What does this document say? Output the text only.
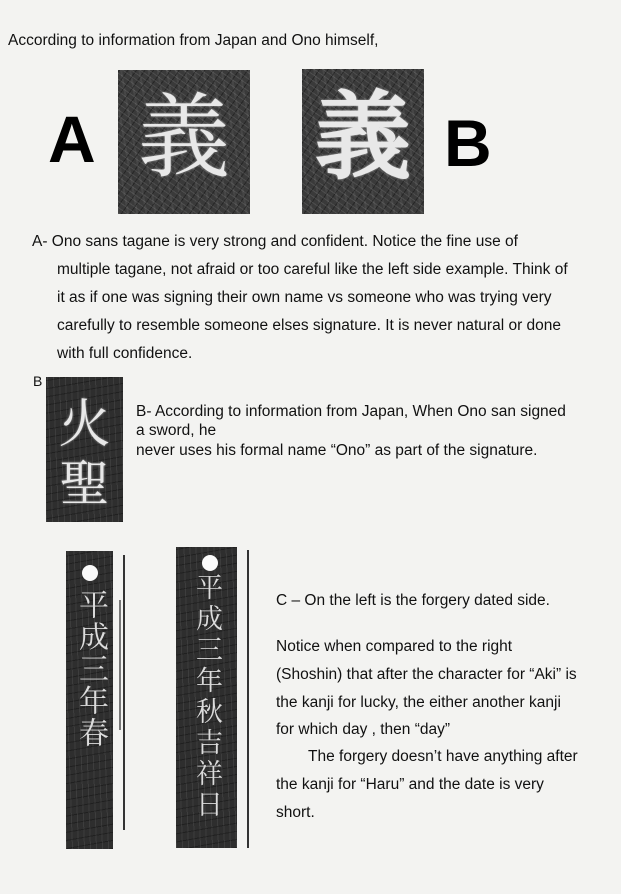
According to information from Japan and Ono himself,
A 義 義 B
A- Ono sans tagane is very strong and confident. Notice the fine use of
multiple tagane, not afraid or too careful like the left side example. Think of
it as if one was signing their own name vs someone who was trying very
carefully to resemble someone elses signature. It is never natural or done
with full confidence.
B
火
聖
B- According to information from Japan, When Ono san signed
a sword, he
never uses his formal name “Ono” as part of the signature.
平成三年春	平成三年秋吉祥日	C – On the left is the forgery dated side.
Notice when compared to the right
(Shoshin) that after the character for “Aki” is
the kanji for lucky, the either another kanji
for which day , then “day”
The forgery doesn’t have anything after
the kanji for “Haru” and the date is very
short.
